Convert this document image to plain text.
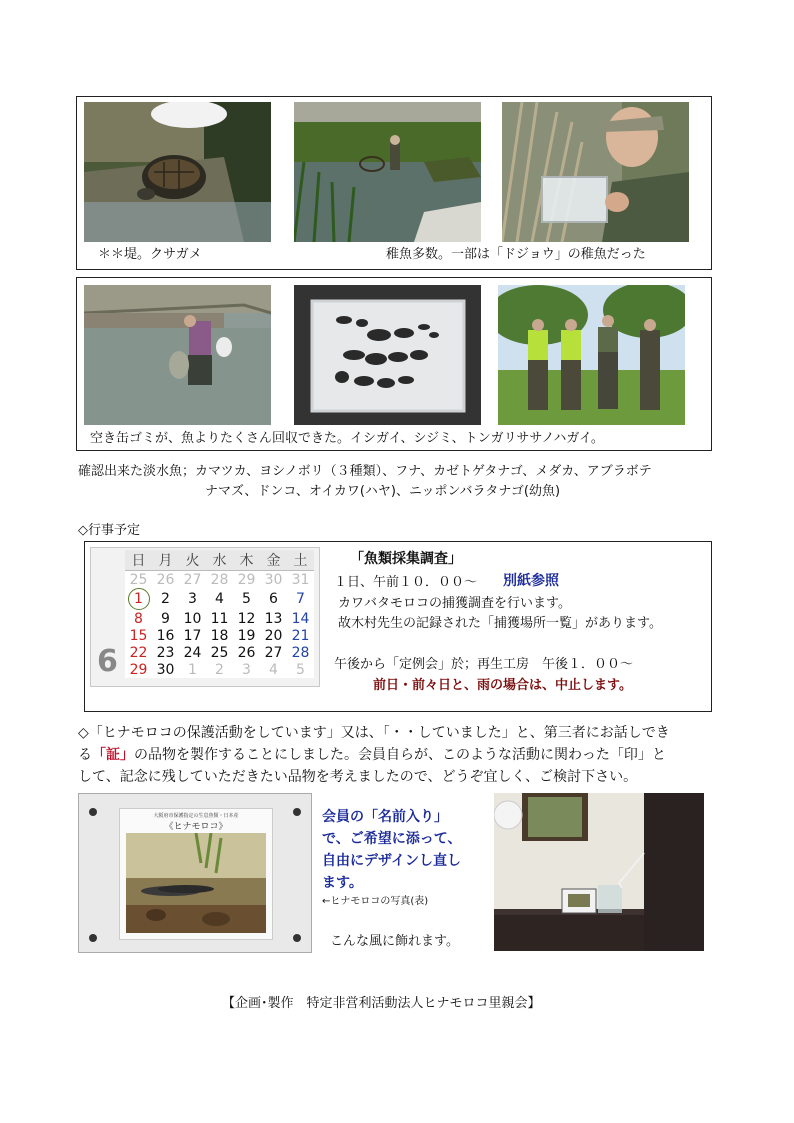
＊＊堤。クサガメ	稚魚多数。一部は「ドジョウ」の稚魚だった
空き缶ゴミが、魚よりたくさん回収できた。イシガイ、シジミ、トンガリササノハガイ。
確認出来た淡水魚；カマツカ、ヨシノボリ（３種類）、フナ、カゼトゲタナゴ、メダカ、アブラボテ
ナマズ、ドンコ、オイカワ(ハヤ)、ニッポンバラタナゴ(幼魚)
◇行事予定
6
日	月	火	水	木	金	土
25	26	27	28	29	30	31
1	2	3	4	5	6	7
8	9	10	11	12	13	14
15	16	17	18	19	20	21
22	23	24	25	26	27	28
29	30	1	2	3	4	5
「魚類採集調査」
１日、午前１０．００～ 別紙参照
カワバタモロコの捕獲調査を行います。
故木村先生の記録された「捕獲場所一覧」があります。
午後から「定例会」於；再生工房　午後１．００～
前日・前々日と、雨の場合は、中止します。
◇「ヒナモロコの保護活動をしています」又は、「・・していました」と、第三者にお話しでき
る「証」の品物を製作することにしました。会員自らが、このような活動に関わった「印」と
して、記念に残していただきたい品物を考えましたので、どうぞ宜しく、ご検討下さい。
大阪府市保護指定の生息魚類・日本産
《ヒナモロコ》
会員の「名前入り」
で、ご希望に添って、
自由にデザインし直し
ます。
←ヒナモロコの写真(表)
こんな風に飾れます。
【企画･製作　特定非営利活動法人ヒナモロコ里親会】
